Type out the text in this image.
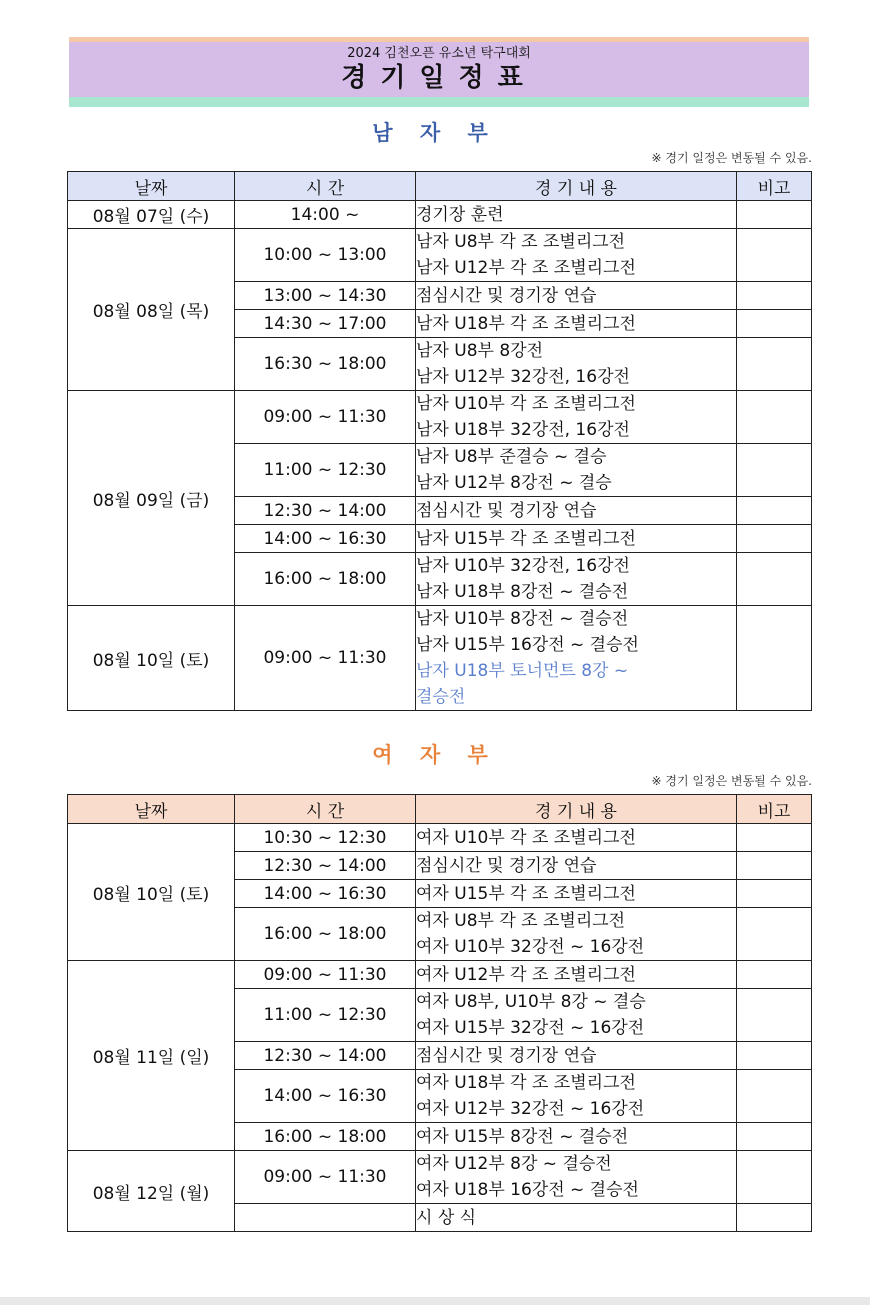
2024 김천오픈 유소년 탁구대회
경기일정표
남 자 부
※ 경기 일정은 변동될 수 있음.
날짜	시 간	경 기 내 용	비고
08월 07일 (수)	14:00 ~	경기장 훈련	

08월 08일 (목)	10:00 ~ 13:00	남자 U8부 각 조 조별리그전
남자 U12부 각 조 조별리그전	

	13:00 ~ 14:30	점심시간 및 경기장 연습	

	14:30 ~ 17:00	남자 U18부 각 조 조별리그전	

	16:30 ~ 18:00	남자 U8부 8강전
남자 U12부 32강전, 16강전	

08월 09일 (금)	09:00 ~ 11:30	남자 U10부 각 조 조별리그전
남자 U18부 32강전, 16강전	

	11:00 ~ 12:30	남자 U8부 준결승 ~ 결승
남자 U12부 8강전 ~ 결승	

	12:30 ~ 14:00	점심시간 및 경기장 연습	

	14:00 ~ 16:30	남자 U15부 각 조 조별리그전	

	16:00 ~ 18:00	남자 U10부 32강전, 16강전
남자 U18부 8강전 ~ 결승전	

08월 10일 (토)	09:00 ~ 11:30	남자 U10부 8강전 ~ 결승전
남자 U15부 16강전 ~ 결승전
남자 U18부 토너먼트 8강 ~
결승전	

여 자 부
※ 경기 일정은 변동될 수 있음.
날짜	시 간	경 기 내 용	비고
08월 10일 (토)	10:30 ~ 12:30	여자 U10부 각 조 조별리그전	

	12:30 ~ 14:00	점심시간 및 경기장 연습	

	14:00 ~ 16:30	여자 U15부 각 조 조별리그전	

	16:00 ~ 18:00	여자 U8부 각 조 조별리그전
여자 U10부 32강전 ~ 16강전	

08월 11일 (일)	09:00 ~ 11:30	여자 U12부 각 조 조별리그전	

	11:00 ~ 12:30	여자 U8부, U10부 8강 ~ 결승
여자 U15부 32강전 ~ 16강전	

	12:30 ~ 14:00	점심시간 및 경기장 연습	

	14:00 ~ 16:30	여자 U18부 각 조 조별리그전
여자 U12부 32강전 ~ 16강전	

	16:00 ~ 18:00	여자 U15부 8강전 ~ 결승전	

08월 12일 (월)	09:00 ~ 11:30	여자 U12부 8강 ~ 결승전
여자 U18부 16강전 ~ 결승전	

		시 상 식	
